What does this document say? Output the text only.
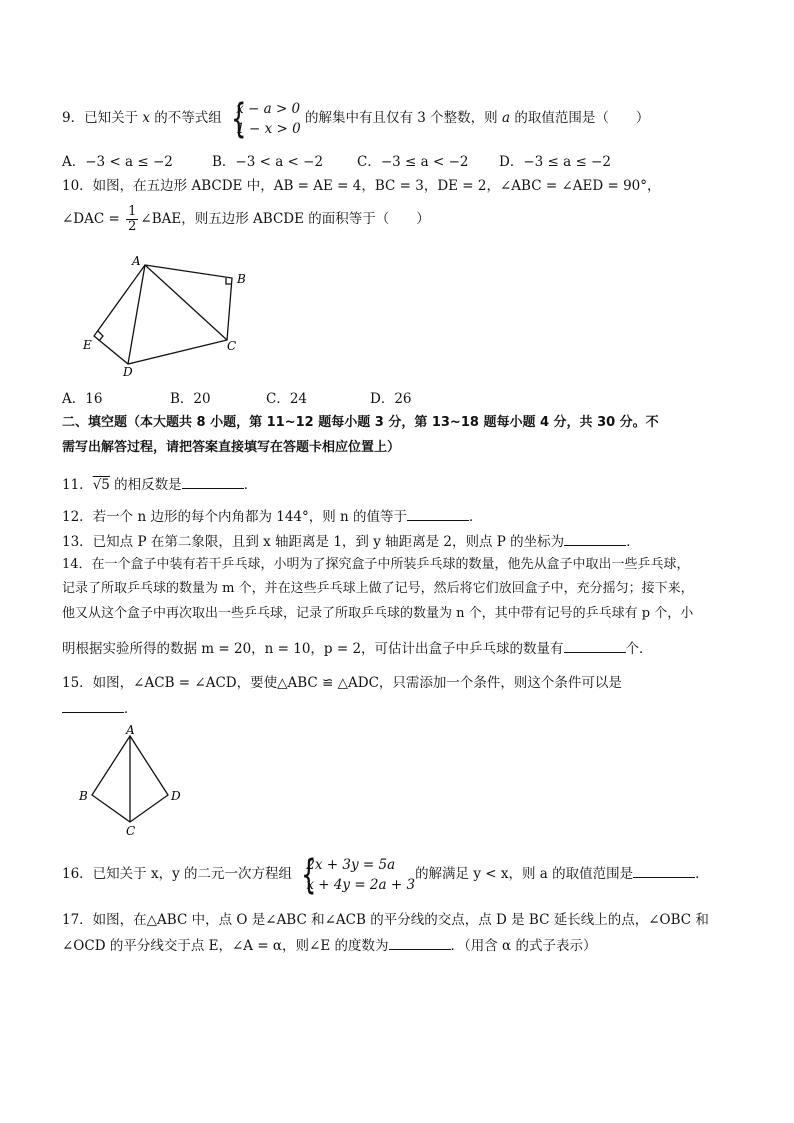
9．已知关于 x 的不等式组 {
x − a > 0
1 − x > 0
的解集中有且仅有 3 个整数，则 a 的取值范围是（　　）
A．−3 < a ≤ −2	B．−3 < a < −2	C．−3 ≤ a < −2 D．−3 ≤ a ≤ −2
10．如图，在五边形 ABCDE 中，AB = AE = 4，BC = 3，DE = 2，∠ABC = ∠AED = 90°，
∠DAC = $\frac{1}{2}$ ∠BAE，则五边形 ABCDE 的面积等于（　　）
A
B
C
D
E
A．16	B．20	C．24	D．26
二、填空题（本大题共 8 小题，第 11~12 题每小题 3 分，第 13~18 题每小题 4 分，共 30 分。不
需写出解答过程，请把答案直接填写在答题卡相应位置上）
11．√5 的相反数是	．
12．若一个 n 边形的每个内角都为 144°，则 n 的值等于	．
13．已知点 P 在第二象限，且到 x 轴距离是 1，到 y 轴距离是 2，则点 P 的坐标为	．
14．在一个盒子中装有若干乒乓球，小明为了探究盒子中所装乒乓球的数量，他先从盒子中取出一些乒乓球，
记录了所取乒乓球的数量为 m 个，并在这些乒乓球上做了记号，然后将它们放回盒子中，充分摇匀；接下来，
他又从这个盒子中再次取出一些乒乓球，记录了所取乒乓球的数量为 n 个，其中带有记号的乒乓球有 p 个，小
明根据实验所得的数据 m = 20，n = 10，p = 2，可估计出盒子中乒乓球的数量有	个．
15．如图，∠ACB = ∠ACD，要使△ABC ≌ △ADC，只需添加一个条件，则这个条件可以是
．
A
B
C
D
16．已知关于 x，y 的二元一次方程组 {
2x + 3y = 5a
x + 4y = 2a + 3
的解满足 y < x，则 a 的取值范围是	．
17．如图，在△ABC 中，点 O 是∠ABC 和∠ACB 的平分线的交点，点 D 是 BC 延长线上的点，∠OBC 和
∠OCD 的平分线交于点 E，∠A = α，则∠E 的度数为	．（用含 α 的式子表示）
